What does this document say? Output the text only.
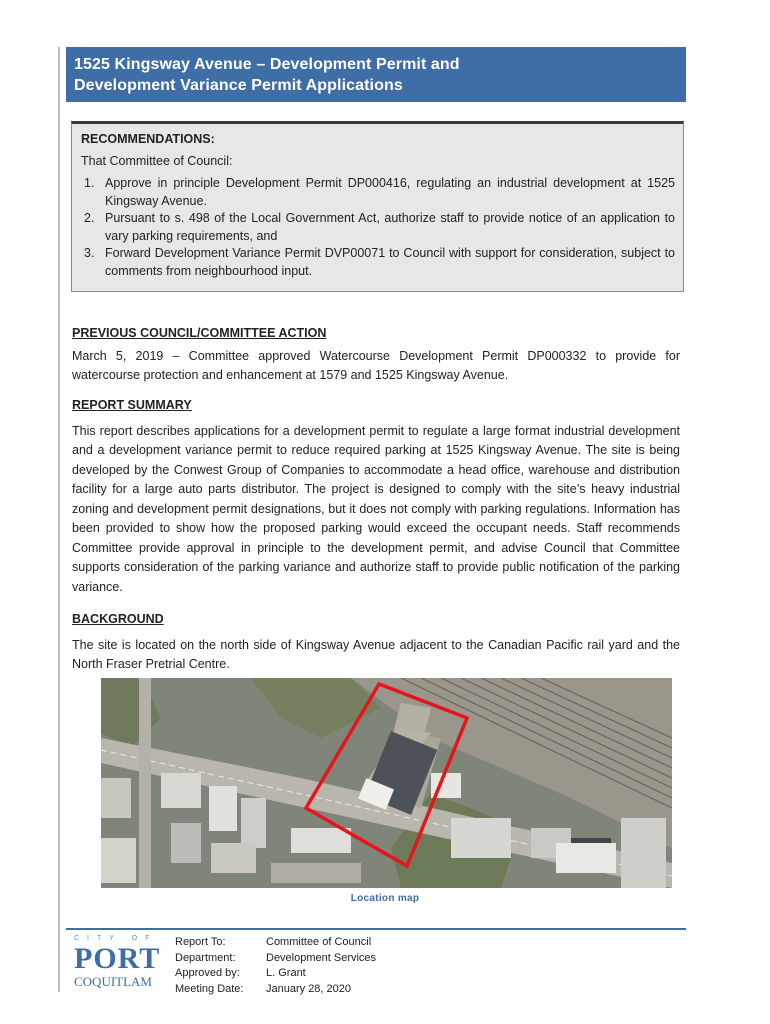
1525 Kingsway Avenue – Development Permit and
Development Variance Permit Applications
RECOMMENDATIONS:
That Committee of Council:
1. Approve in principle Development Permit DP000416, regulating an industrial development at 1525 Kingsway Avenue.
2. Pursuant to s. 498 of the Local Government Act, authorize staff to provide notice of an application to vary parking requirements, and
3. Forward Development Variance Permit DVP00071 to Council with support for consideration, subject to comments from neighbourhood input.
PREVIOUS COUNCIL/COMMITTEE ACTION
March 5, 2019 – Committee approved Watercourse Development Permit DP000332 to provide for watercourse protection and enhancement at 1579 and 1525 Kingsway Avenue.
REPORT SUMMARY
This report describes applications for a development permit to regulate a large format industrial development and a development variance permit to reduce required parking at 1525 Kingsway Avenue. The site is being developed by the Conwest Group of Companies to accommodate a head office, warehouse and distribution facility for a large auto parts distributor. The project is designed to comply with the site’s heavy industrial zoning and development permit designations, but it does not comply with parking regulations. Information has been provided to show how the proposed parking would exceed the occupant needs. Staff recommends Committee provide approval in principle to the development permit, and advise Council that Committee supports consideration of the parking variance and authorize staff to provide public notification of the parking variance.
BACKGROUND
The site is located on the north side of Kingsway Avenue adjacent to the Canadian Pacific rail yard and the North Fraser Pretrial Centre.
Location map
CITY OF
PORT
COQUITLAM
Report To:
Department:
Approved by:
Meeting Date:
Committee of Council
Development Services
L. Grant
January 28, 2020
